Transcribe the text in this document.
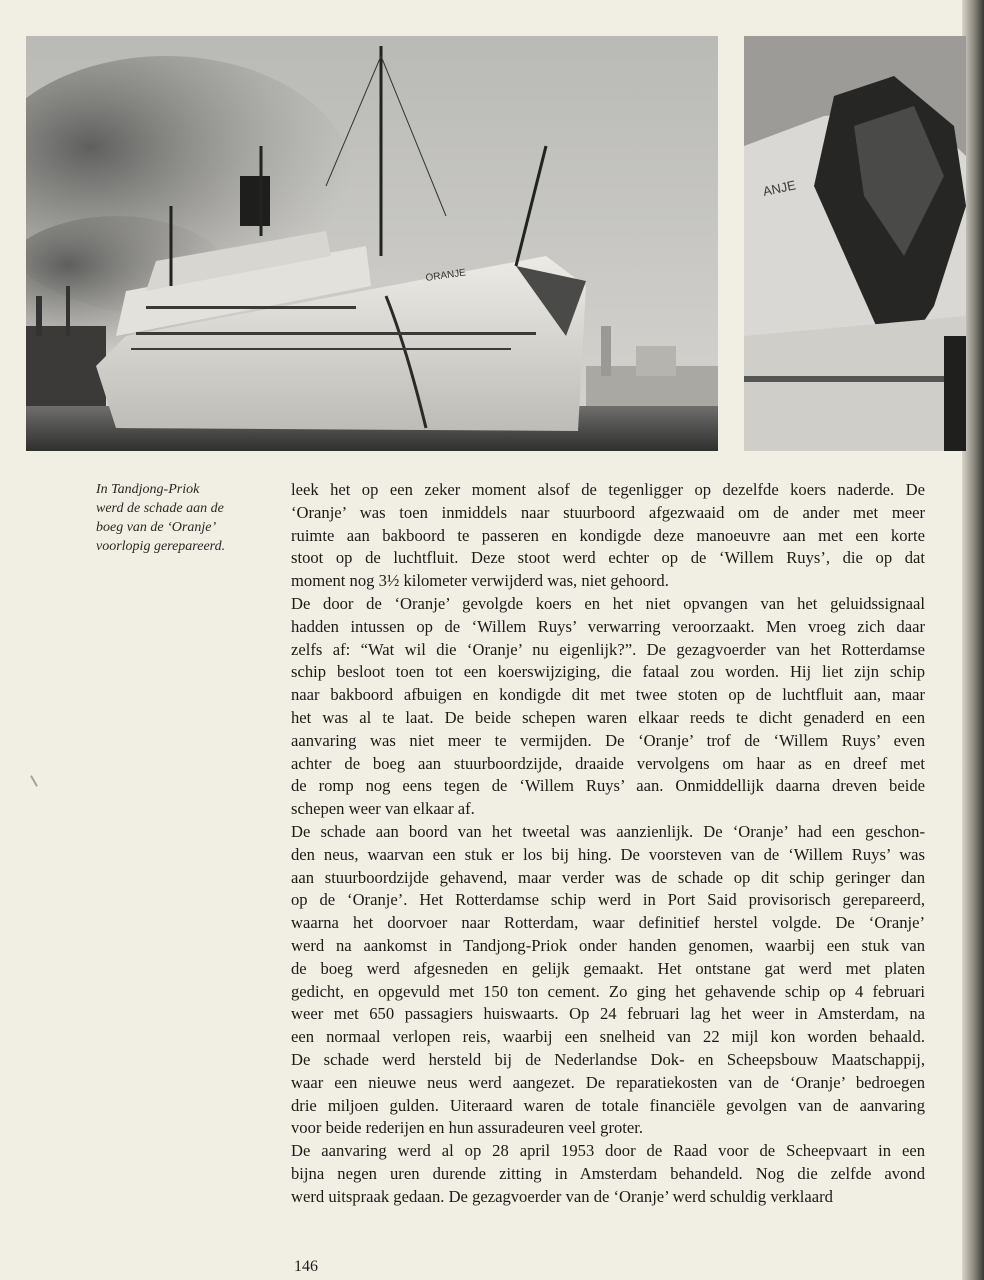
ORANJE
ANJE
In Tandjong-Priok
werd de schade aan de
boeg van de ‘Oranje’
voorlopig gerepareerd.
leek het op een zeker moment alsof de tegenligger op dezelfde koers naderde. De
‘Oranje’ was toen inmiddels naar stuurboord afgezwaaid om de ander met meer
ruimte aan bakboord te passeren en kondigde deze manoeuvre aan met een korte
stoot op de luchtfluit. Deze stoot werd echter op de ‘Willem Ruys’, die op dat
moment nog 3½ kilometer verwijderd was, niet gehoord.
De door de ‘Oranje’ gevolgde koers en het niet opvangen van het geluidssignaal
hadden intussen op de ‘Willem Ruys’ verwarring veroorzaakt. Men vroeg zich daar
zelfs af: “Wat wil die ‘Oranje’ nu eigenlijk?”. De gezagvoerder van het Rotterdamse
schip besloot toen tot een koerswijziging, die fataal zou worden. Hij liet zijn schip
naar bakboord afbuigen en kondigde dit met twee stoten op de luchtfluit aan, maar
het was al te laat. De beide schepen waren elkaar reeds te dicht genaderd en een
aanvaring was niet meer te vermijden. De ‘Oranje’ trof de ‘Willem Ruys’ even
achter de boeg aan stuurboordzijde, draaide vervolgens om haar as en dreef met
de romp nog eens tegen de ‘Willem Ruys’ aan. Onmiddellijk daarna dreven beide
schepen weer van elkaar af.
De schade aan boord van het tweetal was aanzienlijk. De ‘Oranje’ had een geschon-
den neus, waarvan een stuk er los bij hing. De voorsteven van de ‘Willem Ruys’ was
aan stuurboordzijde gehavend, maar verder was de schade op dit schip geringer dan
op de ‘Oranje’. Het Rotterdamse schip werd in Port Said provisorisch gerepareerd,
waarna het doorvoer naar Rotterdam, waar definitief herstel volgde. De ‘Oranje’
werd na aankomst in Tandjong-Priok onder handen genomen, waarbij een stuk van
de boeg werd afgesneden en gelijk gemaakt. Het ontstane gat werd met platen
gedicht, en opgevuld met 150 ton cement. Zo ging het gehavende schip op 4 februari
weer met 650 passagiers huiswaarts. Op 24 februari lag het weer in Amsterdam, na
een normaal verlopen reis, waarbij een snelheid van 22 mijl kon worden behaald.
De schade werd hersteld bij de Nederlandse Dok- en Scheepsbouw Maatschappij,
waar een nieuwe neus werd aangezet. De reparatiekosten van de ‘Oranje’ bedroegen
drie miljoen gulden. Uiteraard waren de totale financiële gevolgen van de aanvaring
voor beide rederijen en hun assuradeuren veel groter.
De aanvaring werd al op 28 april 1953 door de Raad voor de Scheepvaart in een
bijna negen uren durende zitting in Amsterdam behandeld. Nog die zelfde avond
werd uitspraak gedaan. De gezagvoerder van de ‘Oranje’ werd schuldig verklaard
146
